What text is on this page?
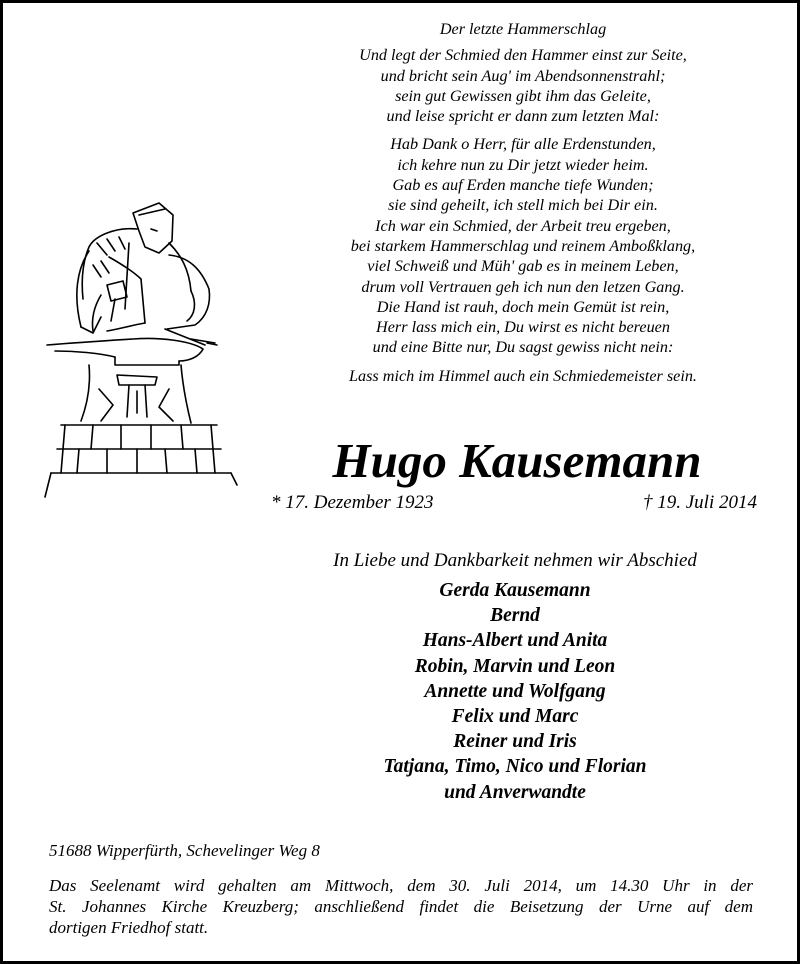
Der letzte Hammerschlag
Und legt der Schmied den Hammer einst zur Seite,
und bricht sein Aug' im Abendsonnenstrahl;
sein gut Gewissen gibt ihm das Geleite,
und leise spricht er dann zum letzten Mal:
Hab Dank o Herr, für alle Erdenstunden,
ich kehre nun zu Dir jetzt wieder heim.
Gab es auf Erden manche tiefe Wunden;
sie sind geheilt, ich stell mich bei Dir ein.
Ich war ein Schmied, der Arbeit treu ergeben,
bei starkem Hammerschlag und reinem Amboßklang,
viel Schweiß und Müh' gab es in meinem Leben,
drum voll Vertrauen geh ich nun den letzen Gang.
Die Hand ist rauh, doch mein Gemüt ist rein,
Herr lass mich ein, Du wirst es nicht bereuen
und eine Bitte nur, Du sagst gewiss nicht nein:
Lass mich im Himmel auch ein Schmiedemeister sein.
Hugo Kausemann
* 17. Dezember 1923	† 19. Juli 2014
In Liebe und Dankbarkeit nehmen wir Abschied
Gerda Kausemann
Bernd
Hans-Albert und Anita
Robin, Marvin und Leon
Annette und Wolfgang
Felix und Marc
Reiner und Iris
Tatjana, Timo, Nico und Florian
und Anverwandte
51688 Wipperfürth, Schevelinger Weg 8
Das Seelenamt wird gehalten am Mittwoch, dem 30. Juli 2014, um 14.30 Uhr in der
St. Johannes Kirche Kreuzberg; anschließend findet die Beisetzung der Urne auf dem
dortigen Friedhof statt.
